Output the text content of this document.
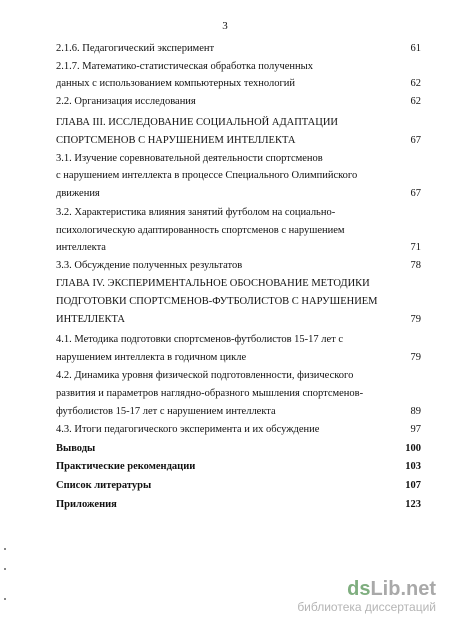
3
2.1.6. Педагогический эксперимент	61
2.1.7. Математико-статистическая обработка полученных
данных с использованием компьютерных технологий	62
2.2. Организация исследования	62
ГЛАВА III. ИССЛЕДОВАНИЕ СОЦИАЛЬНОЙ АДАПТАЦИИ
СПОРТСМЕНОВ С НАРУШЕНИЕМ ИНТЕЛЛЕКТА	67
3.1. Изучение соревновательной деятельности спортсменов
с нарушением интеллекта в процессе Специального Олимпийского
движения	67
3.2. Характеристика влияния занятий футболом на социально-
психологическую адаптированность спортсменов с нарушением
интеллекта	71
3.3. Обсуждение полученных результатов	78
ГЛАВА IV. ЭКСПЕРИМЕНТАЛЬНОЕ ОБОСНОВАНИЕ МЕТОДИКИ
ПОДГОТОВКИ СПОРТСМЕНОВ-ФУТБОЛИСТОВ С НАРУШЕНИЕМ
ИНТЕЛЛЕКТА	79
4.1. Методика подготовки спортсменов-футболистов 15-17 лет с
нарушением интеллекта в годичном цикле	79
4.2. Динамика уровня физической подготовленности, физического
развития и параметров наглядно-образного мышления спортсменов-
футболистов 15-17 лет с нарушением интеллекта	89
4.3. Итоги педагогического эксперимента и их обсуждение	97
Выводы	100
Практические рекомендации	103
Список литературы	107
Приложения	123
dsLib.net
библиотека диссертаций
